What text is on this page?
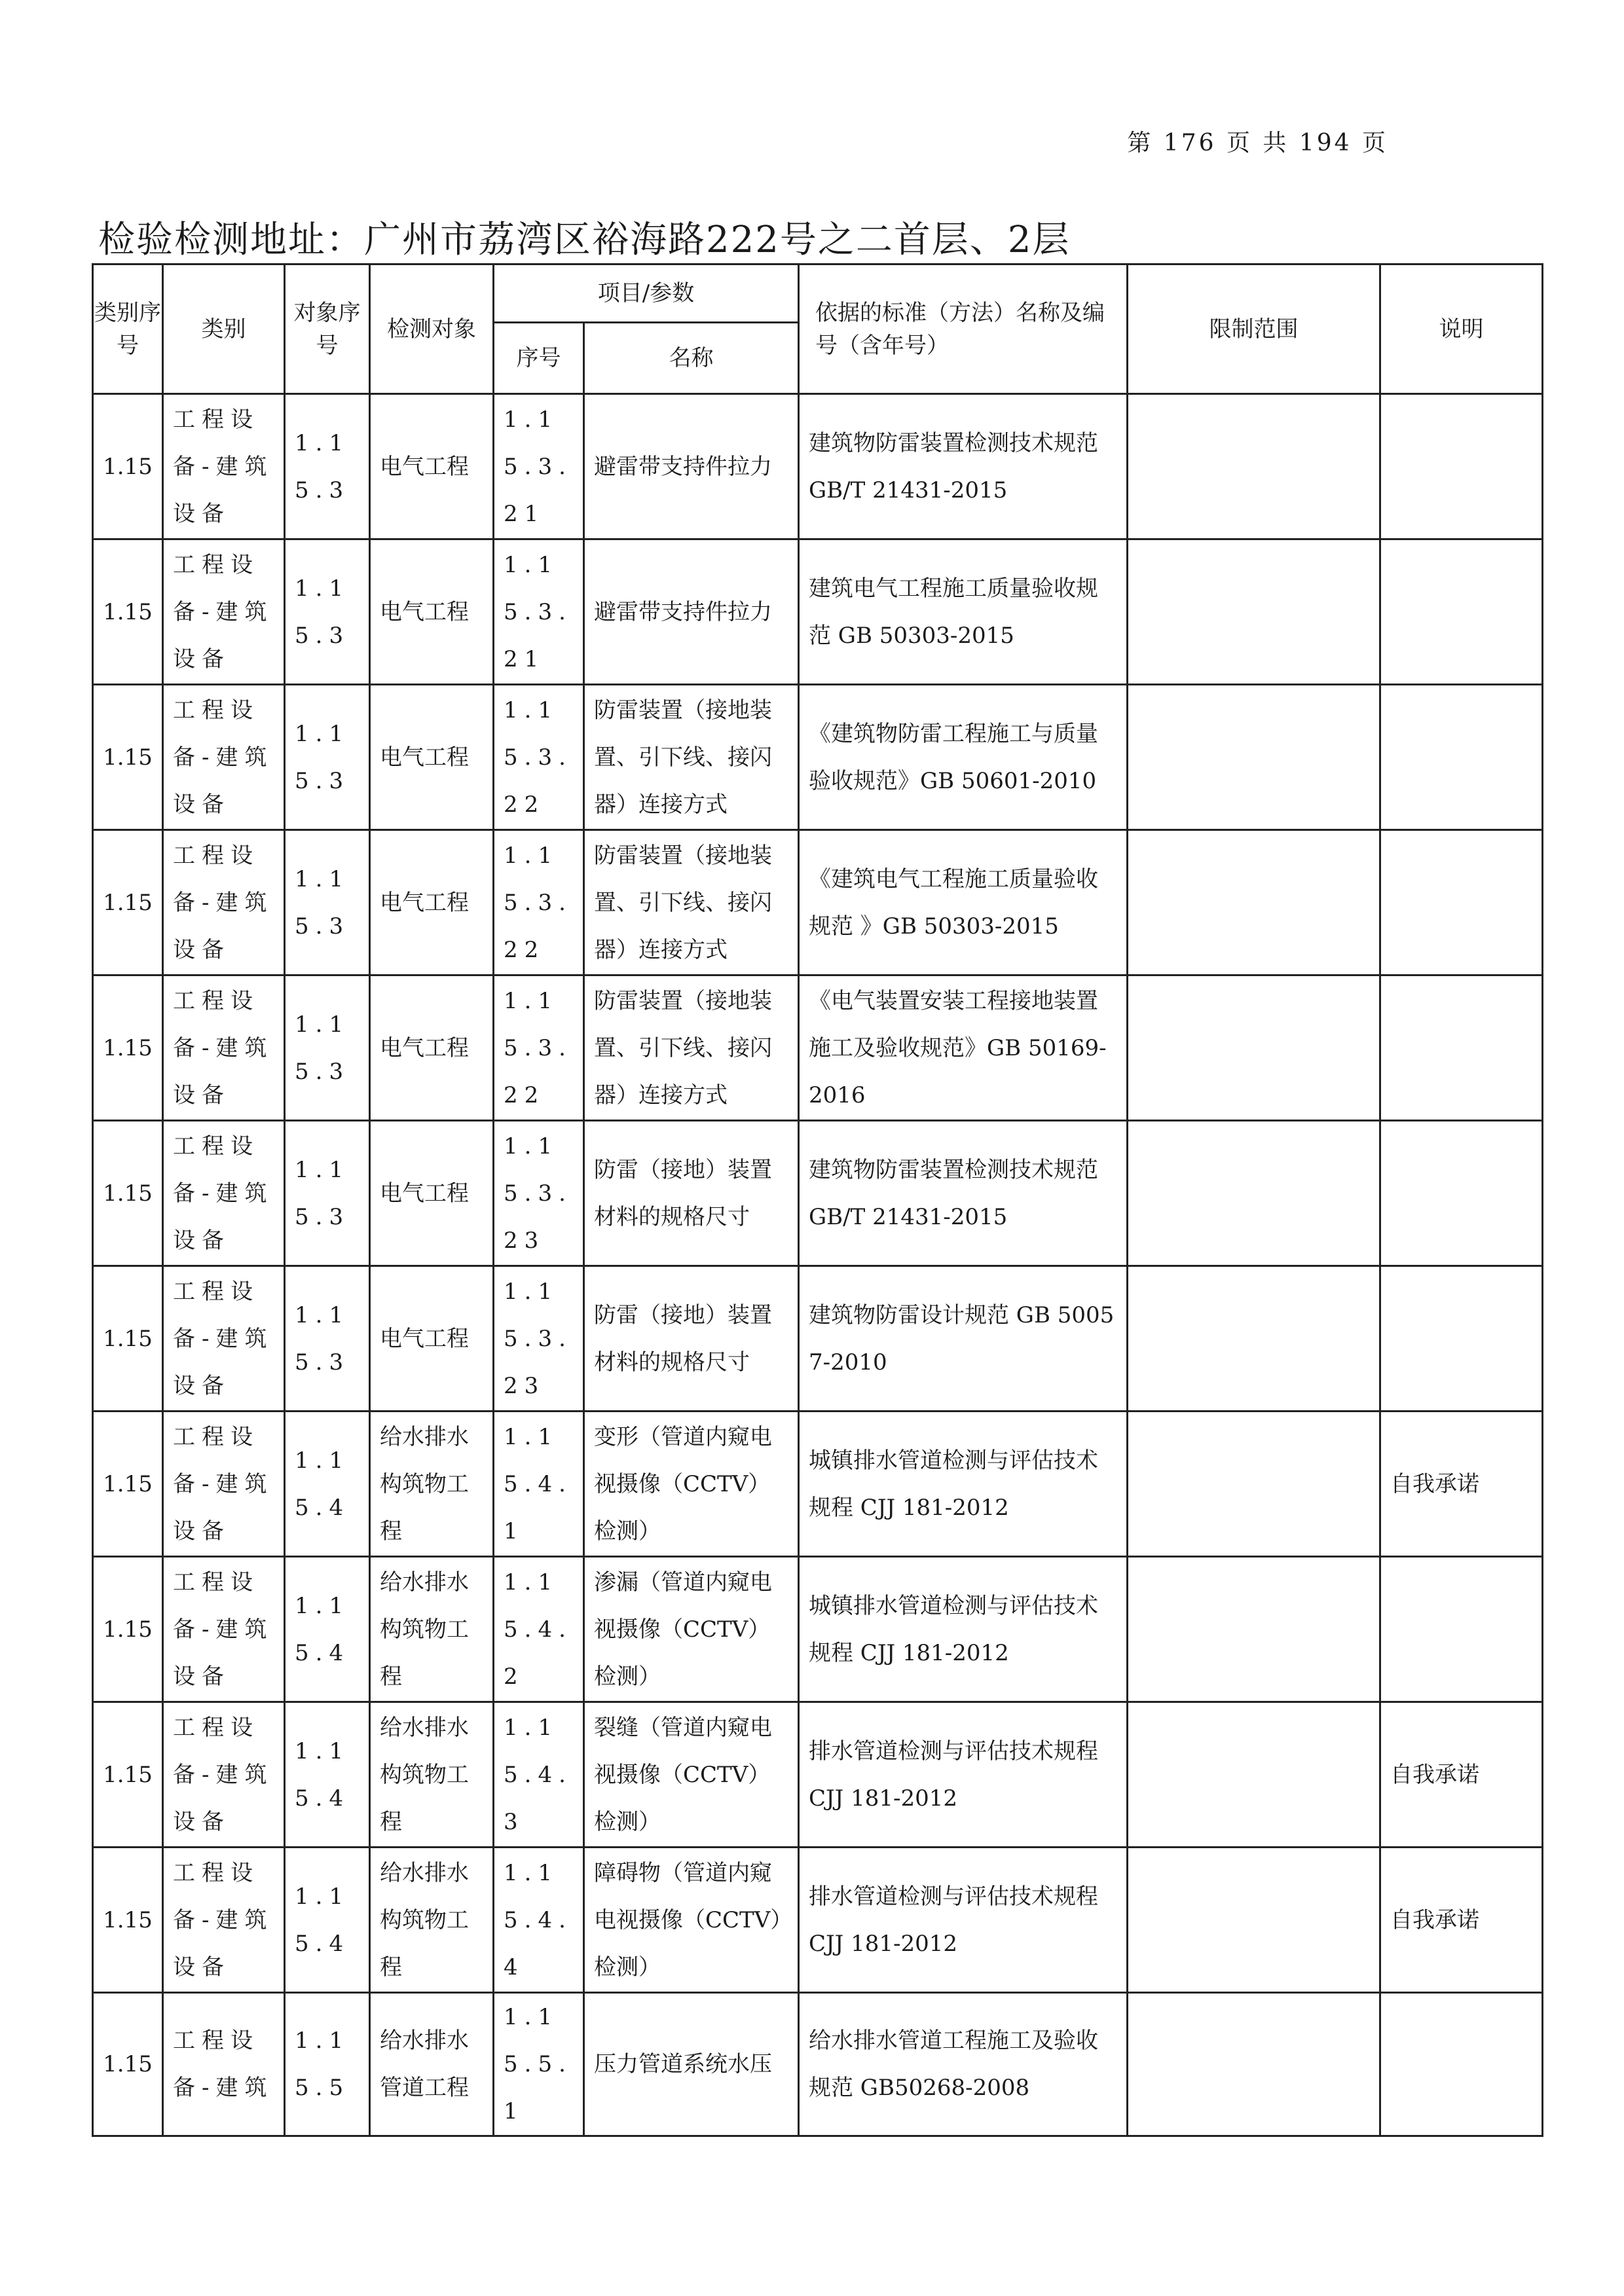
第 176 页 共 194 页
检验检测地址：广州市荔湾区裕海路222号之二首层、2层
类别序号	类别	对象序号	检测对象	项目/参数		依据的标准（方法）名称及编号（含年号）	限制范围	说明
				序号	名称			
1.15	工程设备-建筑设备	1.15.3	电气工程	1.15.3.21	避雷带支持件拉力	建筑物防雷装置检测技术规范 GB/T 21431-2015		
1.15	工程设备-建筑设备	1.15.3	电气工程	1.15.3.21	避雷带支持件拉力	建筑电气工程施工质量验收规范 GB 50303-2015		
1.15	工程设备-建筑设备	1.15.3	电气工程	1.15.3.22	防雷装置（接地装置、引下线、接闪器）连接方式	《建筑物防雷工程施工与质量验收规范》GB 50601-2010		
1.15	工程设备-建筑设备	1.15.3	电气工程	1.15.3.22	防雷装置（接地装置、引下线、接闪器）连接方式	《建筑电气工程施工质量验收规范 》GB 50303-2015		
1.15	工程设备-建筑设备	1.15.3	电气工程	1.15.3.22	防雷装置（接地装置、引下线、接闪器）连接方式	《电气装置安装工程接地装置施工及验收规范》GB 50169-2016		
1.15	工程设备-建筑设备	1.15.3	电气工程	1.15.3.23	防雷（接地）装置材料的规格尺寸	建筑物防雷装置检测技术规范 GB/T 21431-2015		
1.15	工程设备-建筑设备	1.15.3	电气工程	1.15.3.23	防雷（接地）装置材料的规格尺寸	建筑物防雷设计规范 GB 50057-2010		
1.15	工程设备-建筑设备	1.15.4	给水排水构筑物工程	1.15.4.1	变形（管道内窥电视摄像（CCTV）检测）	城镇排水管道检测与评估技术规程 CJJ 181-2012		自我承诺
1.15	工程设备-建筑设备	1.15.4	给水排水构筑物工程	1.15.4.2	渗漏（管道内窥电视摄像（CCTV）检测）	城镇排水管道检测与评估技术规程 CJJ 181-2012		
1.15	工程设备-建筑设备	1.15.4	给水排水构筑物工程	1.15.4.3	裂缝（管道内窥电视摄像（CCTV）检测）	排水管道检测与评估技术规程 CJJ 181-2012		自我承诺
1.15	工程设备-建筑设备	1.15.4	给水排水构筑物工程	1.15.4.4	障碍物（管道内窥电视摄像（CCTV）检测）	排水管道检测与评估技术规程 CJJ 181-2012		自我承诺
1.15	工程设备-建筑	1.15.5	给水排水管道工程	1.15.5.1	压力管道系统水压	给水排水管道工程施工及验收规范 GB50268-2008		
